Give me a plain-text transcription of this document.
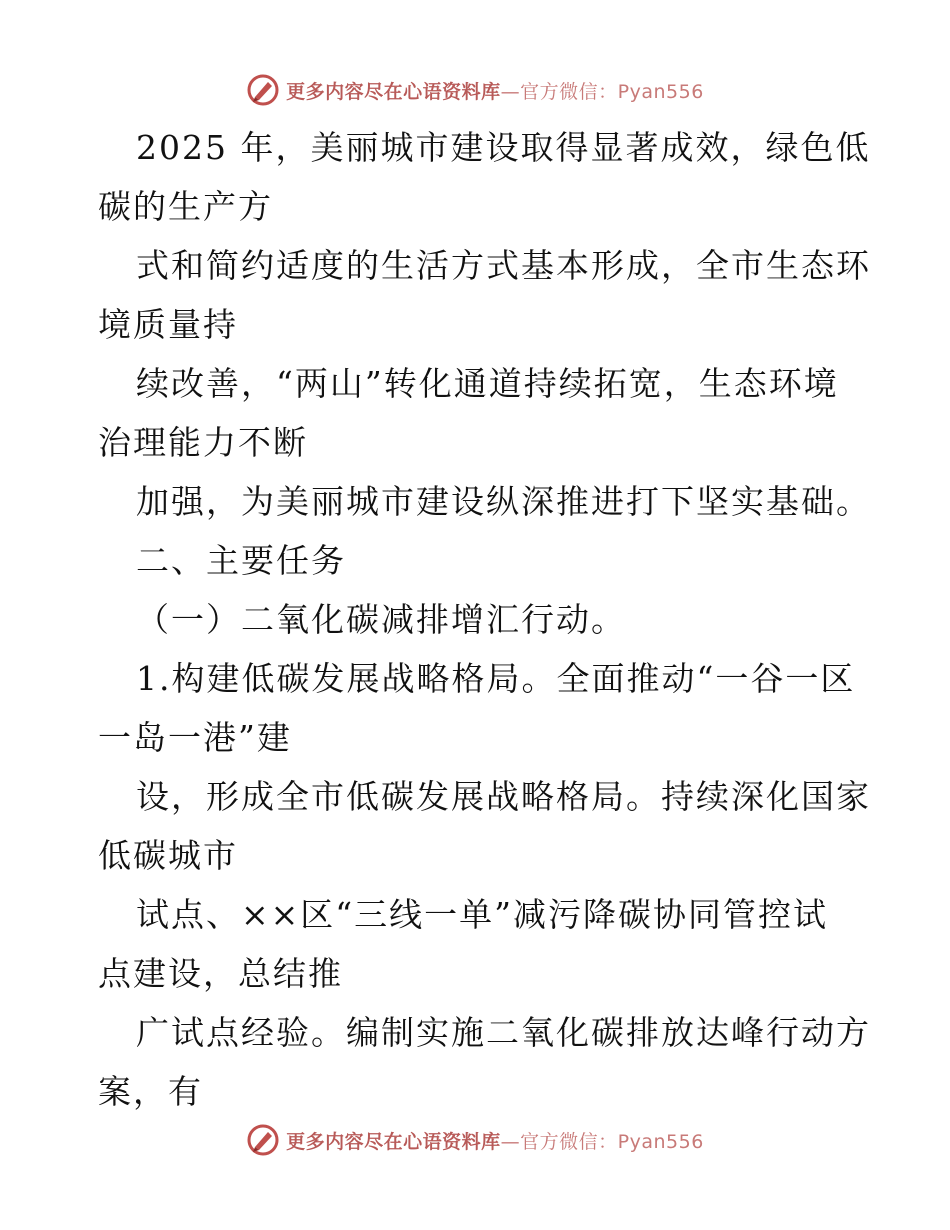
更多内容尽在心语资料库—官方微信：Pyan556
2025 年，美丽城市建设取得显著成效，绿色低
碳的生产方
式和简约适度的生活方式基本形成，全市生态环
境质量持
续改善，“两山”转化通道持续拓宽，生态环境
治理能力不断
加强，为美丽城市建设纵深推进打下坚实基础。
二、主要任务
（一）二氧化碳减排增汇行动。
1.构建低碳发展战略格局。全面推动“一谷一区
一岛一港”建
设，形成全市低碳发展战略格局。持续深化国家
低碳城市
试点、××区“三线一单”减污降碳协同管控试
点建设，总结推
广试点经验。编制实施二氧化碳排放达峰行动方
案，有
更多内容尽在心语资料库—官方微信：Pyan556
